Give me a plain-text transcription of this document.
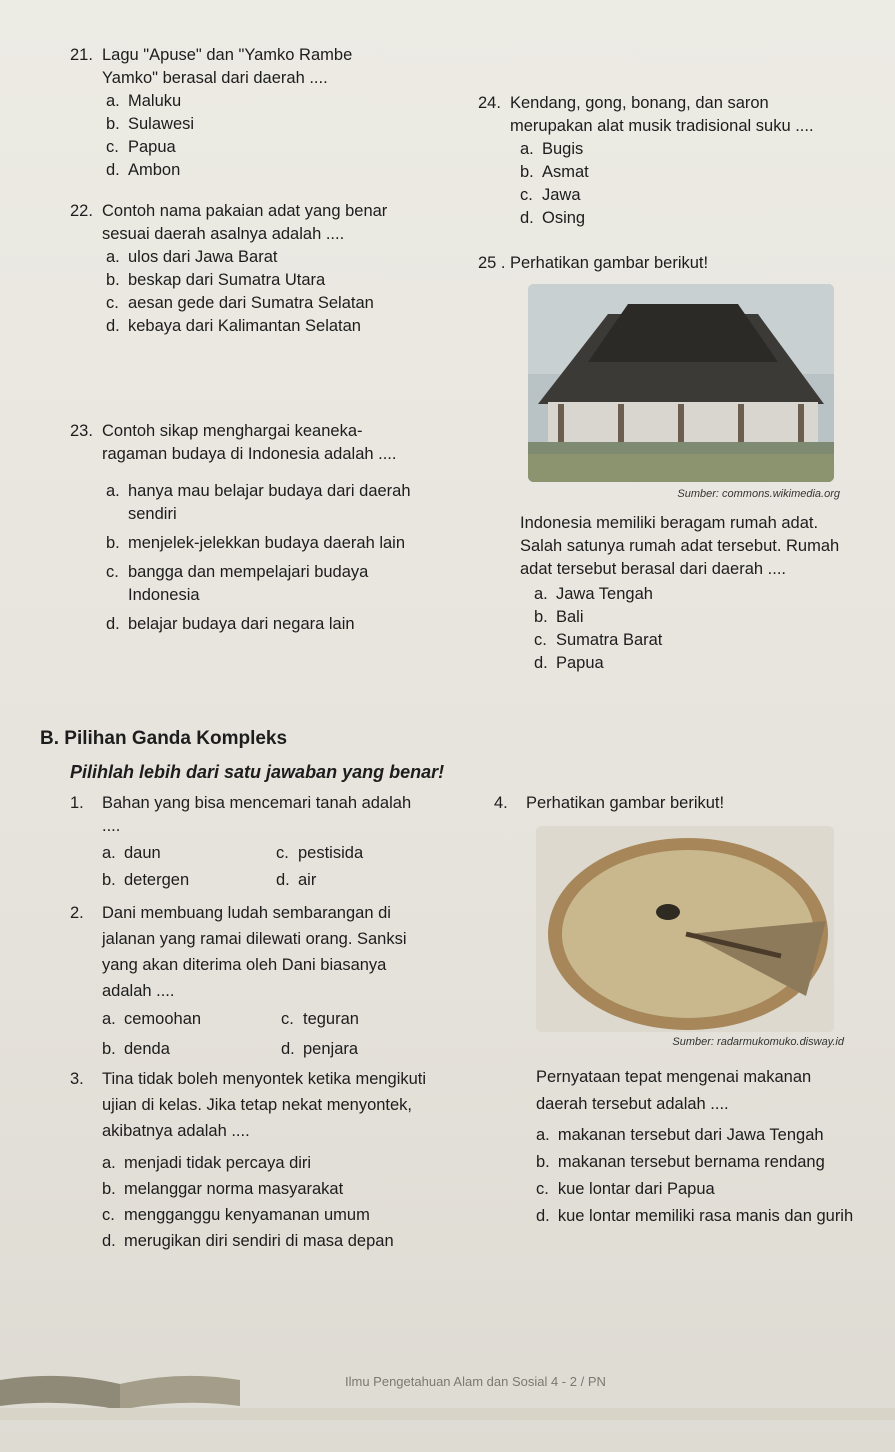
21. Lagu "Apuse" dan "Yamko Rambe Yamko" berasal dari daerah ....
a. Maluku
b. Sulawesi
c. Papua
d. Ambon
22. Contoh nama pakaian adat yang benar sesuai daerah asalnya adalah ....
a. ulos dari Jawa Barat
b. beskap dari Sumatra Utara
c. aesan gede dari Sumatra Selatan
d. kebaya dari Kalimantan Selatan
23. Contoh sikap menghargai keaneka-ragaman budaya di Indonesia adalah ....
a. hanya mau belajar budaya dari daerah sendiri
b. menjelek-jelekkan budaya daerah lain
c. bangga dan mempelajari budaya Indonesia
d. belajar budaya dari negara lain
24. Kendang, gong, bonang, dan saron merupakan alat musik tradisional suku ....
a. Bugis
b. Asmat
c. Jawa
d. Osing
25 . Perhatikan gambar berikut!
Sumber: commons.wikimedia.org
Indonesia memiliki beragam rumah adat. Salah satunya rumah adat tersebut. Rumah adat tersebut berasal dari daerah ....
a. Jawa Tengah
b. Bali
c. Sumatra Barat
d. Papua
B. Pilihan Ganda Kompleks
Pilihlah lebih dari satu jawaban yang benar!
1. Bahan yang bisa mencemari tanah adalah ....
a. daun	c. pestisida
b. detergen	d. air
2. Dani membuang ludah sembarangan di jalanan yang ramai dilewati orang. Sanksi yang akan diterima oleh Dani biasanya adalah ....
a. cemoohan	c. teguran
b. denda	d. penjara
3. Tina tidak boleh menyontek ketika mengikuti ujian di kelas. Jika tetap nekat menyontek, akibatnya adalah ....
a. menjadi tidak percaya diri
b. melanggar norma masyarakat
c. mengganggu kenyamanan umum
d. merugikan diri sendiri di masa depan
4. Perhatikan gambar berikut!
Sumber: radarmukomuko.disway.id
Pernyataan tepat mengenai makanan daerah tersebut adalah ....
a. makanan tersebut dari Jawa Tengah
b. makanan tersebut bernama rendang
c. kue lontar dari Papua
d. kue lontar memiliki rasa manis dan gurih
Ilmu Pengetahuan Alam dan Sosial 4 - 2 / PN
